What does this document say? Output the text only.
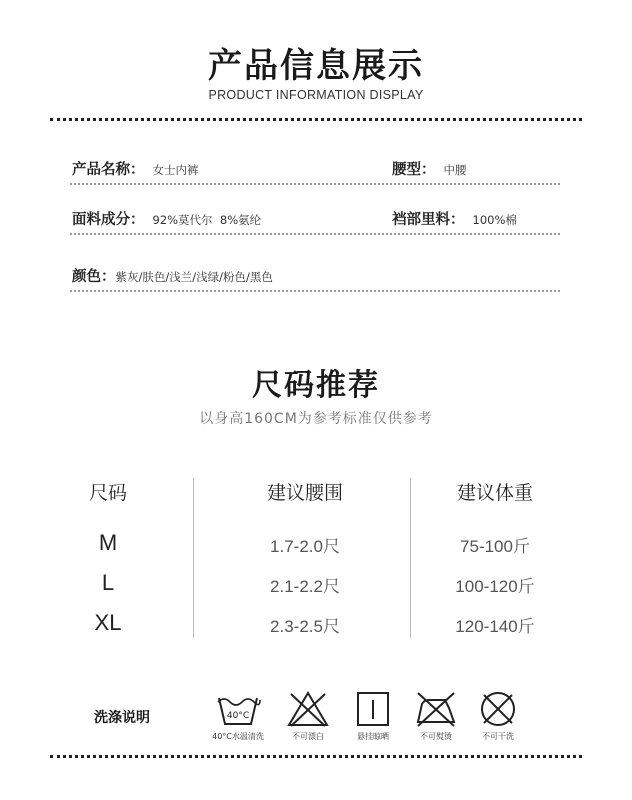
产品信息展示
PRODUCT INFORMATION DISPLAY
产品名称： 女士内裤	腰型： 中腰
面料成分： 92%莫代尔  8%氨纶	裆部里料： 100%棉
颜色：紫灰/肤色/浅兰/浅绿/粉色/黑色
尺码推荐
以身高160CM为参考标准仅供参考
尺码	建议腰围	建议体重
M	1.7-2.0尺	75-100斤
L	2.1-2.2尺	100-120斤
XL	2.3-2.5尺	120-140斤
洗涤说明	40°C
40°C水温清洗	不可漂白	悬挂晾晒	不可熨烫	不可干洗
